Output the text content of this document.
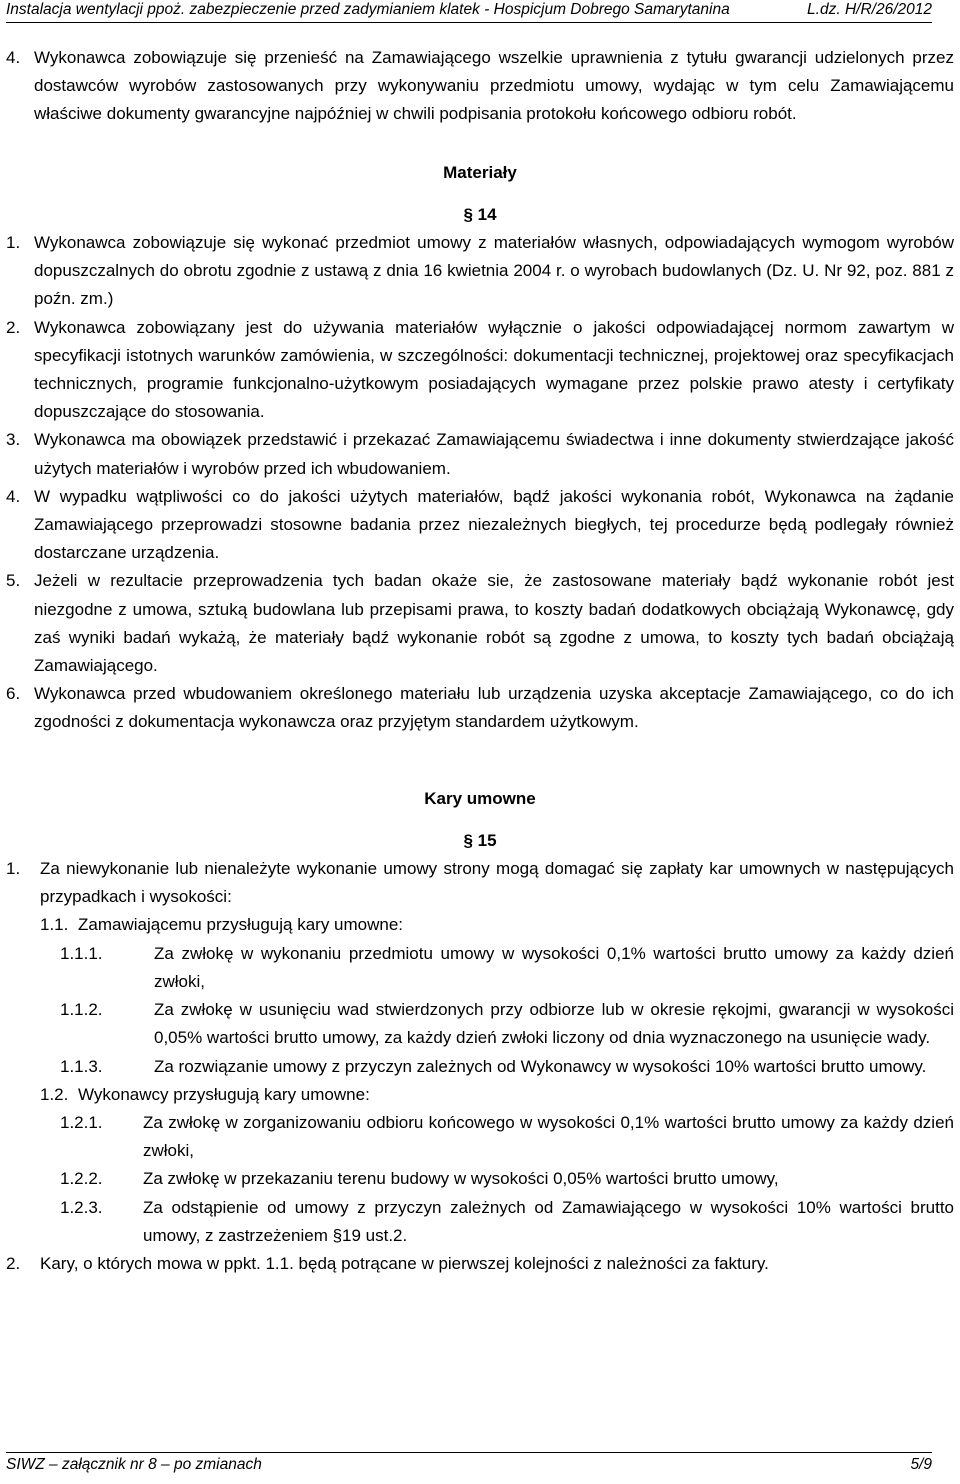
Instalacja wentylacji ppoż. zabezpieczenie przed zadymianiem klatek - Hospicjum Dobrego Samarytanina	L.dz. H/R/26/2012
4. Wykonawca zobowiązuje się przenieść na Zamawiającego wszelkie uprawnienia z tytułu gwarancji udzielonych przez dostawców wyrobów zastosowanych przy wykonywaniu przedmiotu umowy, wydając w tym celu Zamawiającemu właściwe dokumenty gwarancyjne najpóźniej w chwili podpisania protokołu końcowego odbioru robót.
Materiały
§ 14
1. Wykonawca zobowiązuje się wykonać przedmiot umowy z materiałów własnych, odpowiadających wymogom wyrobów dopuszczalnych do obrotu zgodnie z ustawą z dnia 16 kwietnia 2004 r. o wyrobach budowlanych (Dz. U. Nr 92, poz. 881 z poźn. zm.)
2. Wykonawca zobowiązany jest do używania materiałów wyłącznie o jakości odpowiadającej normom zawartym w specyfikacji istotnych warunków zamówienia, w szczególności: dokumentacji technicznej, projektowej oraz specyfikacjach technicznych, programie funkcjonalno-użytkowym posiadających wymagane przez polskie prawo atesty i certyfikaty dopuszczające do stosowania.
3. Wykonawca ma obowiązek przedstawić i przekazać Zamawiającemu świadectwa i inne dokumenty stwierdzające jakość użytych materiałów i wyrobów przed ich wbudowaniem.
4. W wypadku wątpliwości co do jakości użytych materiałów, bądź jakości wykonania robót, Wykonawca na żądanie Zamawiającego przeprowadzi stosowne badania przez niezależnych biegłych, tej procedurze będą podlegały również dostarczane urządzenia.
5. Jeżeli w rezultacie przeprowadzenia tych badan okaże sie, że zastosowane materiały bądź wykonanie robót jest niezgodne z umowa, sztuką budowlana lub przepisami prawa, to koszty badań dodatkowych obciążają Wykonawcę, gdy zaś wyniki badań wykażą, że materiały bądź wykonanie robót są zgodne z umowa, to koszty tych badań obciążają Zamawiającego.
6. Wykonawca przed wbudowaniem określonego materiału lub urządzenia uzyska akceptacje Zamawiającego, co do ich zgodności z dokumentacja wykonawcza oraz przyjętym standardem użytkowym.
Kary umowne
§ 15
1.	Za niewykonanie lub nienależyte wykonanie umowy strony mogą domagać się zapłaty kar umownych w następujących przypadkach i wysokości:
1.1. Zamawiającemu przysługują kary umowne:
1.1.1.	Za zwłokę w wykonaniu przedmiotu umowy w wysokości 0,1% wartości brutto umowy za każdy dzień zwłoki,
1.1.2.	Za zwłokę w usunięciu wad stwierdzonych przy odbiorze lub w okresie rękojmi, gwarancji w wysokości 0,05% wartości brutto umowy, za każdy dzień zwłoki liczony od dnia wyznaczonego na usunięcie wady.
1.1.3.	Za rozwiązanie umowy z przyczyn zależnych od Wykonawcy w wysokości 10% wartości brutto umowy.
1.2. Wykonawcy przysługują kary umowne:
1.2.1.	Za zwłokę w zorganizowaniu odbioru końcowego w wysokości 0,1% wartości brutto umowy za każdy dzień zwłoki,
1.2.2.	Za zwłokę w przekazaniu terenu budowy w wysokości 0,05% wartości brutto umowy,
1.2.3.	Za odstąpienie od umowy z przyczyn zależnych od Zamawiającego w wysokości 10% wartości brutto umowy, z zastrzeżeniem §19 ust.2.
2.	Kary, o których mowa w ppkt. 1.1. będą potrącane w pierwszej kolejności z należności za faktury.
SIWZ – załącznik nr 8 – po zmianach	5/9
